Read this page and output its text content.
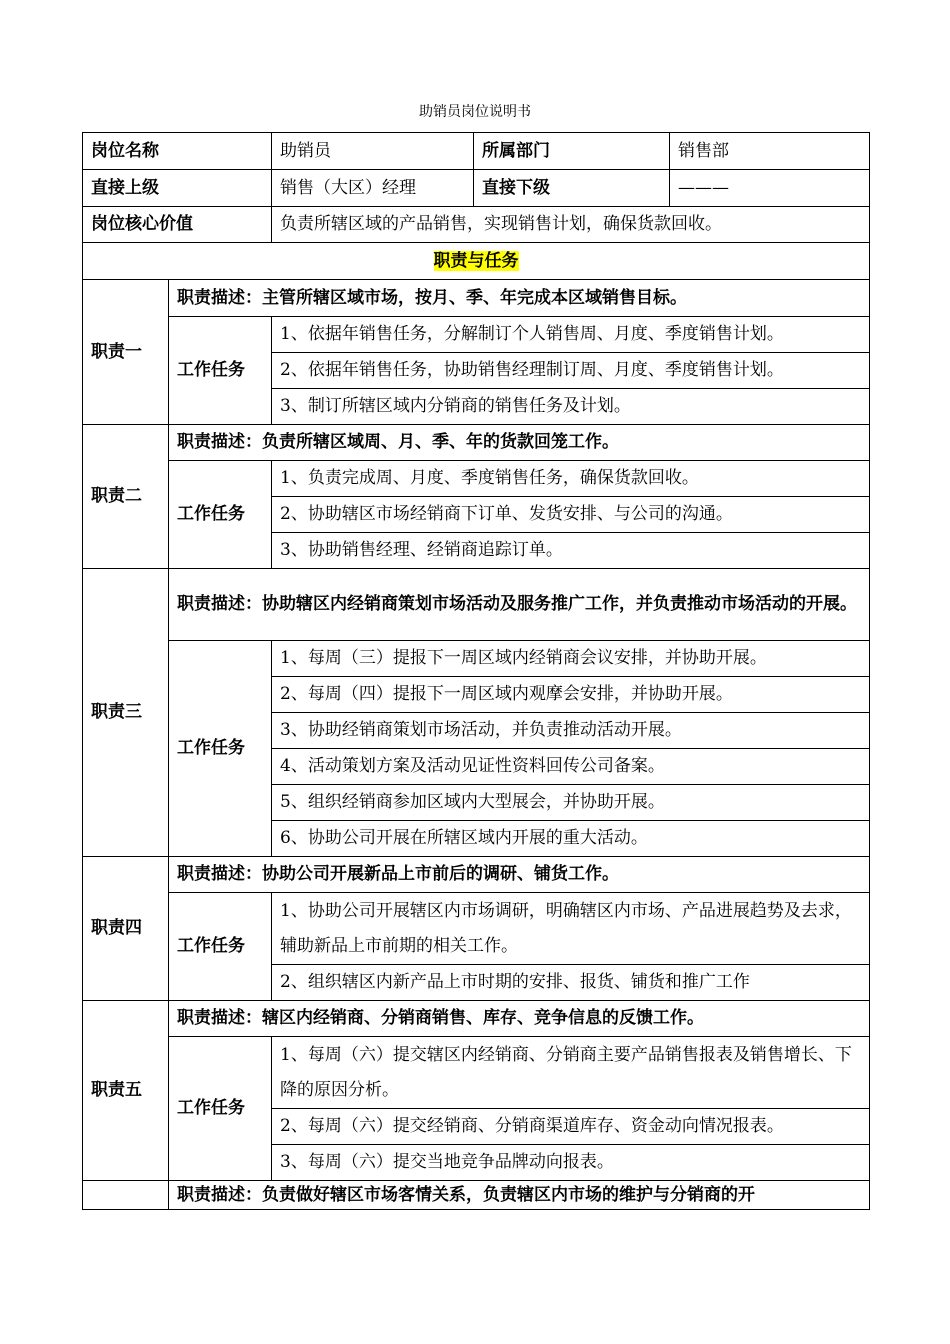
助销员岗位说明书
岗位名称		助销员	所属部门	销售部
直接上级		销售（大区）经理	直接下级	———
岗位核心价值		负责所辖区域的产品销售，实现销售计划，确保货款回收。		
职责与任务				
职责一	职责描述：主管所辖区域市场，按月、季、年完成本区域销售目标。			
	工作任务	1、依据年销售任务，分解制订个人销售周、月度、季度销售计划。		
		2、依据年销售任务，协助销售经理制订周、月度、季度销售计划。		
		3、制订所辖区域内分销商的销售任务及计划。		
职责二	职责描述：负责所辖区域周、月、季、年的货款回笼工作。			
	工作任务	1、负责完成周、月度、季度销售任务，确保货款回收。		
		2、协助辖区市场经销商下订单、发货安排、与公司的沟通。		
		3、协助销售经理、经销商追踪订单。		
职责三	职责描述：协助辖区内经销商策划市场活动及服务推广工作，并负责推动市场活动的开展。			
	工作任务	1、每周（三）提报下一周区域内经销商会议安排，并协助开展。		
		2、每周（四）提报下一周区域内观摩会安排，并协助开展。		
		3、协助经销商策划市场活动，并负责推动活动开展。		
		4、活动策划方案及活动见证性资料回传公司备案。		
		5、组织经销商参加区域内大型展会，并协助开展。		
		6、协助公司开展在所辖区域内开展的重大活动。		
职责四	职责描述：协助公司开展新品上市前后的调研、铺货工作。			
	工作任务	1、协助公司开展辖区内市场调研，明确辖区内市场、产品进展趋势及去求，辅助新品上市前期的相关工作。		
		2、组织辖区内新产品上市时期的安排、报货、铺货和推广工作		
职责五	职责描述：辖区内经销商、分销商销售、库存、竞争信息的反馈工作。			
	工作任务	1、每周（六）提交辖区内经销商、分销商主要产品销售报表及销售增长、下降的原因分析。		
		2、每周（六）提交经销商、分销商渠道库存、资金动向情况报表。		
		3、每周（六）提交当地竞争品牌动向报表。		
	职责描述：负责做好辖区市场客情关系，负责辖区内市场的维护与分销商的开			
